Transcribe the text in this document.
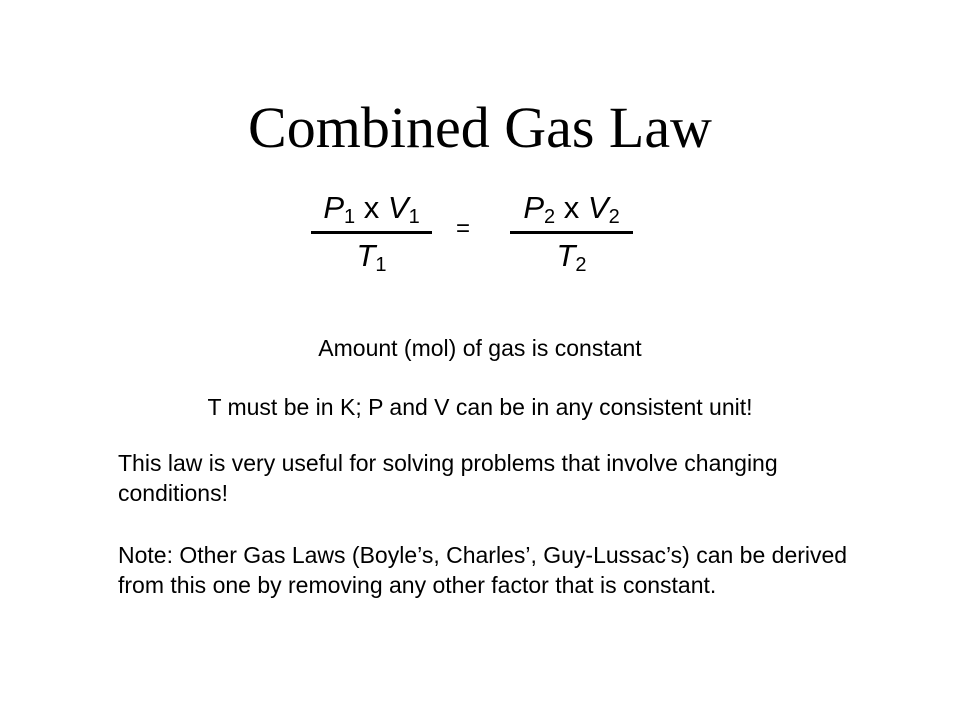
Combined Gas Law
$P_1$ x $V_1$
$T_1$
=
$P_2$ x $V_2$
$T_2$
Amount (mol) of gas is constant
T must be in K; P and V can be in any consistent unit!
This law is very useful for solving problems that involve changing conditions!
Note: Other Gas Laws (Boyle’s, Charles’, Guy-Lussac’s) can be derived from this one by removing any other factor that is constant.
